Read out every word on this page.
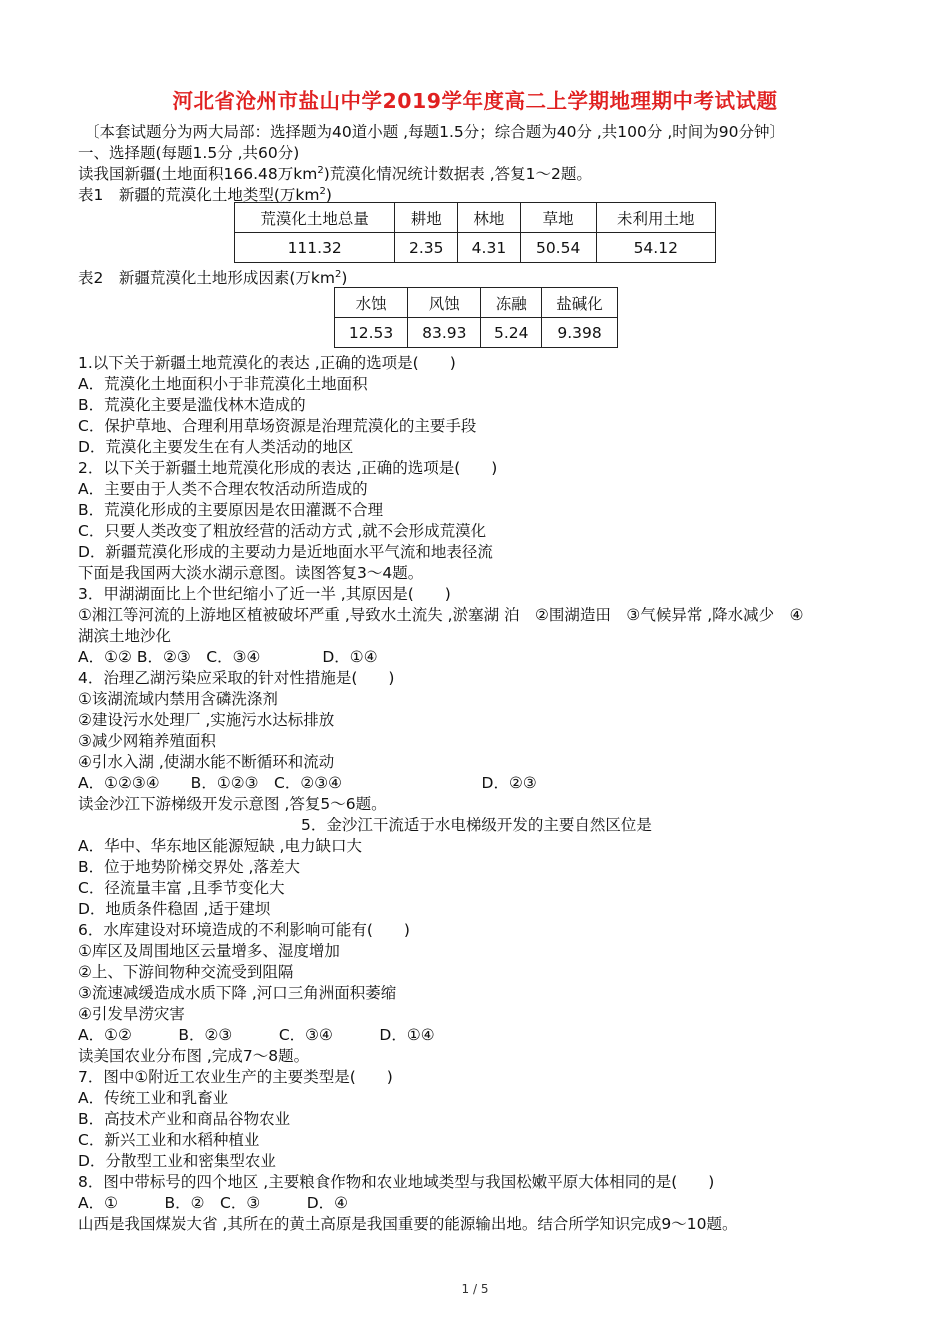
河北省沧州市盐山中学2019学年度高二上学期地理期中考试试题
〔本套试题分为两大局部：选择题为40道小题 ,每题1.5分；综合题为40分 ,共100分 ,时间为90分钟〕
一、选择题(每题1.5分 ,共60分)
读我国新疆(土地面积166.48万$km^2$)荒漠化情况统计数据表 ,答复1～2题。
表1　新疆的荒漠化土地类型(万$km^2$)
荒漠化土地总量	耕地	林地	草地	未利用土地
111.32	2.35	4.31	50.54	54.12
表2　新疆荒漠化土地形成因素(万$km^2$)
水蚀	风蚀	冻融	盐碱化
12.53	83.93	5.24	9.398
1.以下关于新疆土地荒漠化的表达 ,正确的选项是(　　)
A．荒漠化土地面积小于非荒漠化土地面积
B．荒漠化主要是滥伐林木造成的
C．保护草地、合理利用草场资源是治理荒漠化的主要手段
D．荒漠化主要发生在有人类活动的地区
2．以下关于新疆土地荒漠化形成的表达 ,正确的选项是(　　)
A．主要由于人类不合理农牧活动所造成的
B．荒漠化形成的主要原因是农田灌溉不合理
C．只要人类改变了粗放经营的活动方式 ,就不会形成荒漠化
D．新疆荒漠化形成的主要动力是近地面水平气流和地表径流
下面是我国两大淡水湖示意图。读图答复3～4题。
3．甲湖湖面比上个世纪缩小了近一半 ,其原因是(　　)
①湘江等河流的上游地区植被破坏严重 ,导致水土流失 ,淤塞湖 泊　②围湖造田　③气候异常 ,降水减少　④
湖滨土地沙化
A．①② B．②③　C．③④　　　　D．①④
4．治理乙湖污染应采取的针对性措施是(　　)
①该湖流域内禁用含磷洗涤剂
②建设污水处理厂 ,实施污水达标排放
③减少网箱养殖面积
④引水入湖 ,使湖水能不断循环和流动
A．①②③④　　B．①②③　C．②③④　　　　　　　　　D．②③
读金沙江下游梯级开发示意图 ,答复5～6题。
5．金沙江干流适于水电梯级开发的主要自然区位是
A．华中、华东地区能源短缺 ,电力缺口大
B．位于地势阶梯交界处 ,落差大
C．径流量丰富 ,且季节变化大
D．地质条件稳固 ,适于建坝
6．水库建设对环境造成的不利影响可能有(　　)
①库区及周围地区云量增多、湿度增加
②上、下游间物种交流受到阻隔
③流速减缓造成水质下降 ,河口三角洲面积萎缩
④引发旱涝灾害
A．①②　　　B．②③　　　C．③④　　　D．①④
读美国农业分布图 ,完成7～8题。
7．图中①附近工农业生产的主要类型是(　　)
A．传统工业和乳畜业
B．高技术产业和商品谷物农业
C．新兴工业和水稻种植业
D．分散型工业和密集型农业
8．图中带标号的四个地区 ,主要粮食作物和农业地域类型与我国松嫩平原大体相同的是(　　)
A．①　　　B．②　C．③　　　D．④
山西是我国煤炭大省 ,其所在的黄土高原是我国重要的能源输出地。结合所学知识完成9～10题。
1 / 5
